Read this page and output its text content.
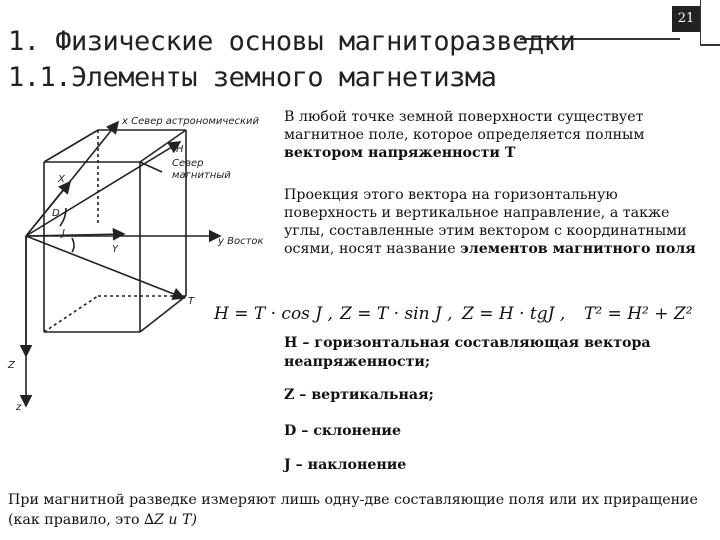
21
1. Физические основы магниторазведки
1.1.Элементы земного магнетизма
x Север астрономический
Север
магнитный
y Восток
H
X
D
J
Y
T
Z
z
В любой точке земной поверхности существует магнитное поле, которое определяется полным вектором напряженности T
Проекция этого вектора на горизонтальную поверхность и вертикальное направление, а также углы, составленные этим вектором с координатными осями, носят название элементов магнитного поля
H = T · cos J , Z = T · sin J , Z = H · tgJ , T² = H² + Z²
H – горизонтальная составляющая вектора неапряженности;
Z – вертикальная;
D – склонение
J – наклонение
При магнитной разведке измеряют лишь одну-две составляющие поля или их приращение (как правило, это ∆Z и T)
